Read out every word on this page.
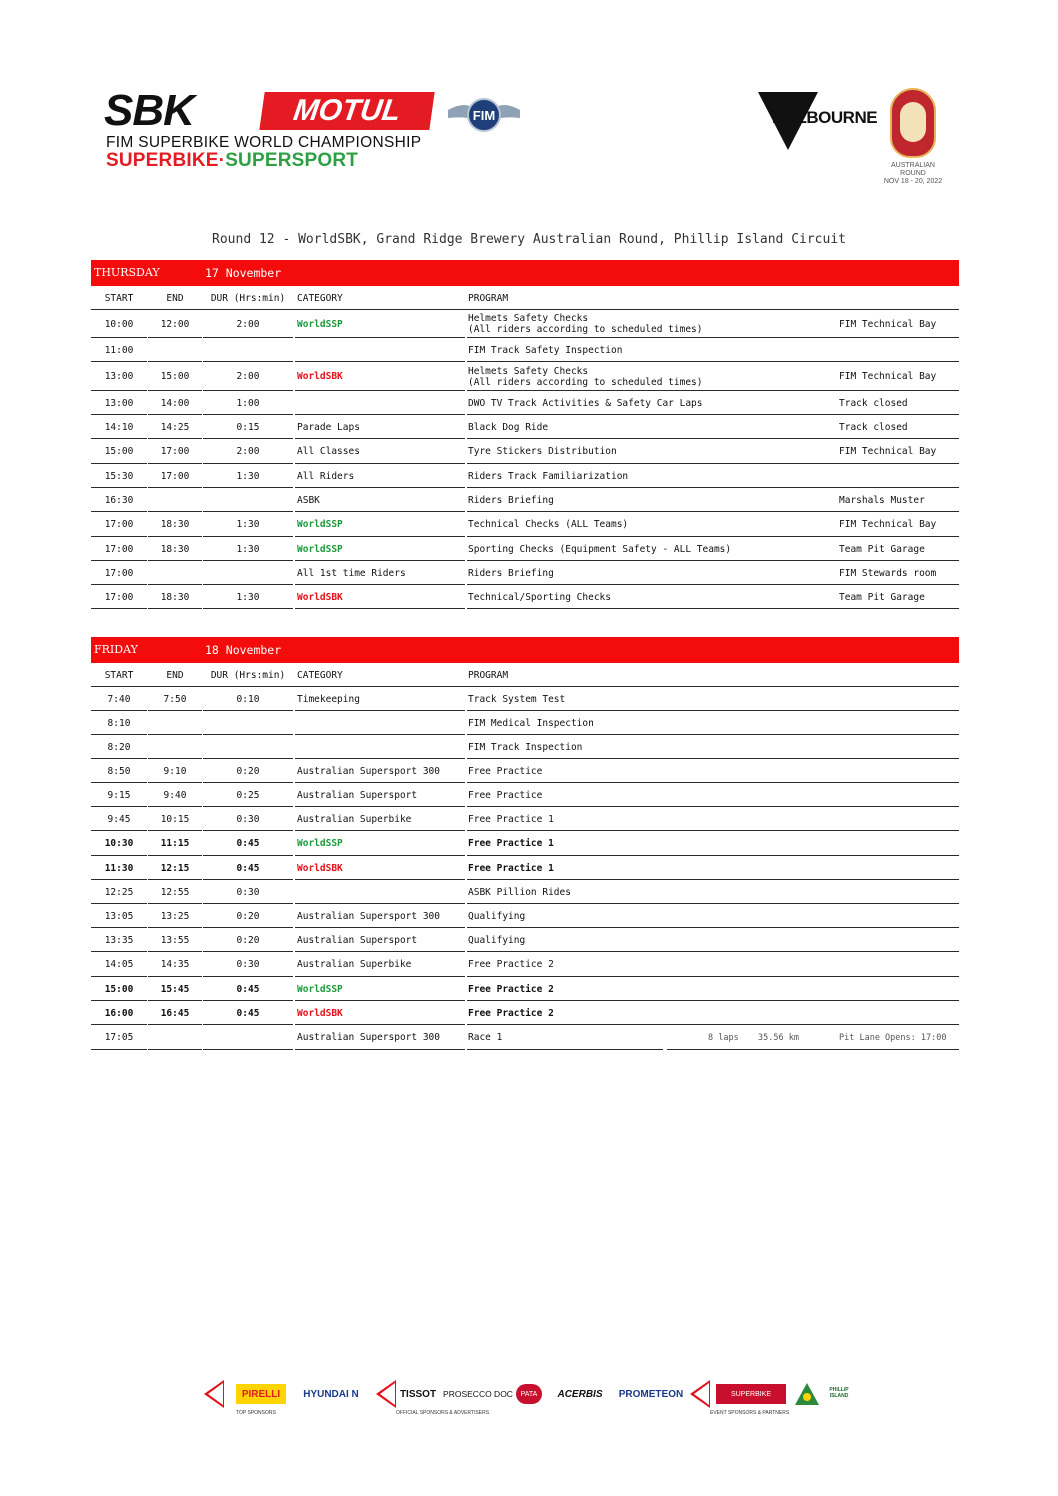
SBK	MOTUL
FIM SUPERBIKE WORLD CHAMPIONSHIP
SUPERBIKE·SUPERSPORT
FIM	MELBOURNE
AUSTRALIAN ROUND
NOV 18 - 20, 2022
Round 12 - WorldSBK, Grand Ridge Brewery Australian Round, Phillip Island Circuit
THURSDAY	17 November
START	END	DUR (Hrs:min)	CATEGORY	PROGRAM
10:00	12:00	2:00	WorldSSP	Helmets Safety Checks
(All riders according to scheduled times)	FIM Technical Bay
11:00	FIM Track Safety Inspection
13:00	15:00	2:00	WorldSBK	Helmets Safety Checks
(All riders according to scheduled times)	FIM Technical Bay
13:00	14:00	1:00	DWO TV Track Activities & Safety Car Laps	Track closed
14:10	14:25	0:15	Parade Laps	Black Dog Ride	Track closed
15:00	17:00	2:00	All Classes	Tyre Stickers Distribution	FIM Technical Bay
15:30	17:00	1:30	All Riders	Riders Track Familiarization
16:30	ASBK	Riders Briefing	Marshals Muster
17:00	18:30	1:30	WorldSSP	Technical Checks (ALL Teams)	FIM Technical Bay
17:00	18:30	1:30	WorldSSP	Sporting Checks (Equipment Safety - ALL Teams)	Team Pit Garage
17:00	All 1st time Riders	Riders Briefing	FIM Stewards room
17:00	18:30	1:30	WorldSBK	Technical/Sporting Checks	Team Pit Garage
FRIDAY	18 November
START	END	DUR (Hrs:min)	CATEGORY	PROGRAM
7:40	7:50	0:10	Timekeeping	Track System Test
8:10	FIM Medical Inspection
8:20	FIM Track Inspection
8:50	9:10	0:20	Australian Supersport 300	Free Practice
9:15	9:40	0:25	Australian Supersport	Free Practice
9:45	10:15	0:30	Australian Superbike	Free Practice 1
10:30	11:15	0:45	WorldSSP	Free Practice 1
11:30	12:15	0:45	WorldSBK	Free Practice 1
12:25	12:55	0:30	ASBK Pillion Rides
13:05	13:25	0:20	Australian Supersport 300	Qualifying
13:35	13:55	0:20	Australian Supersport	Qualifying
14:05	14:35	0:30	Australian Superbike	Free Practice 2
15:00	15:45	0:45	WorldSSP	Free Practice 2
16:00	16:45	0:45	WorldSBK	Free Practice 2
17:05	Australian Supersport 300	Race 1	8 laps 35.56 km	Pit Lane Opens: 17:00
PIRELLI	HYUNDAI N
TOP SPONSORS
TISSOT PROSECCO DOC	PATA	ACERBIS	PROMETEON
OFFICIAL SPONSORS & ADVERTISERS
SUPERBIKE
PHILLIP ISLAND
EVENT SPONSORS & PARTNERS
